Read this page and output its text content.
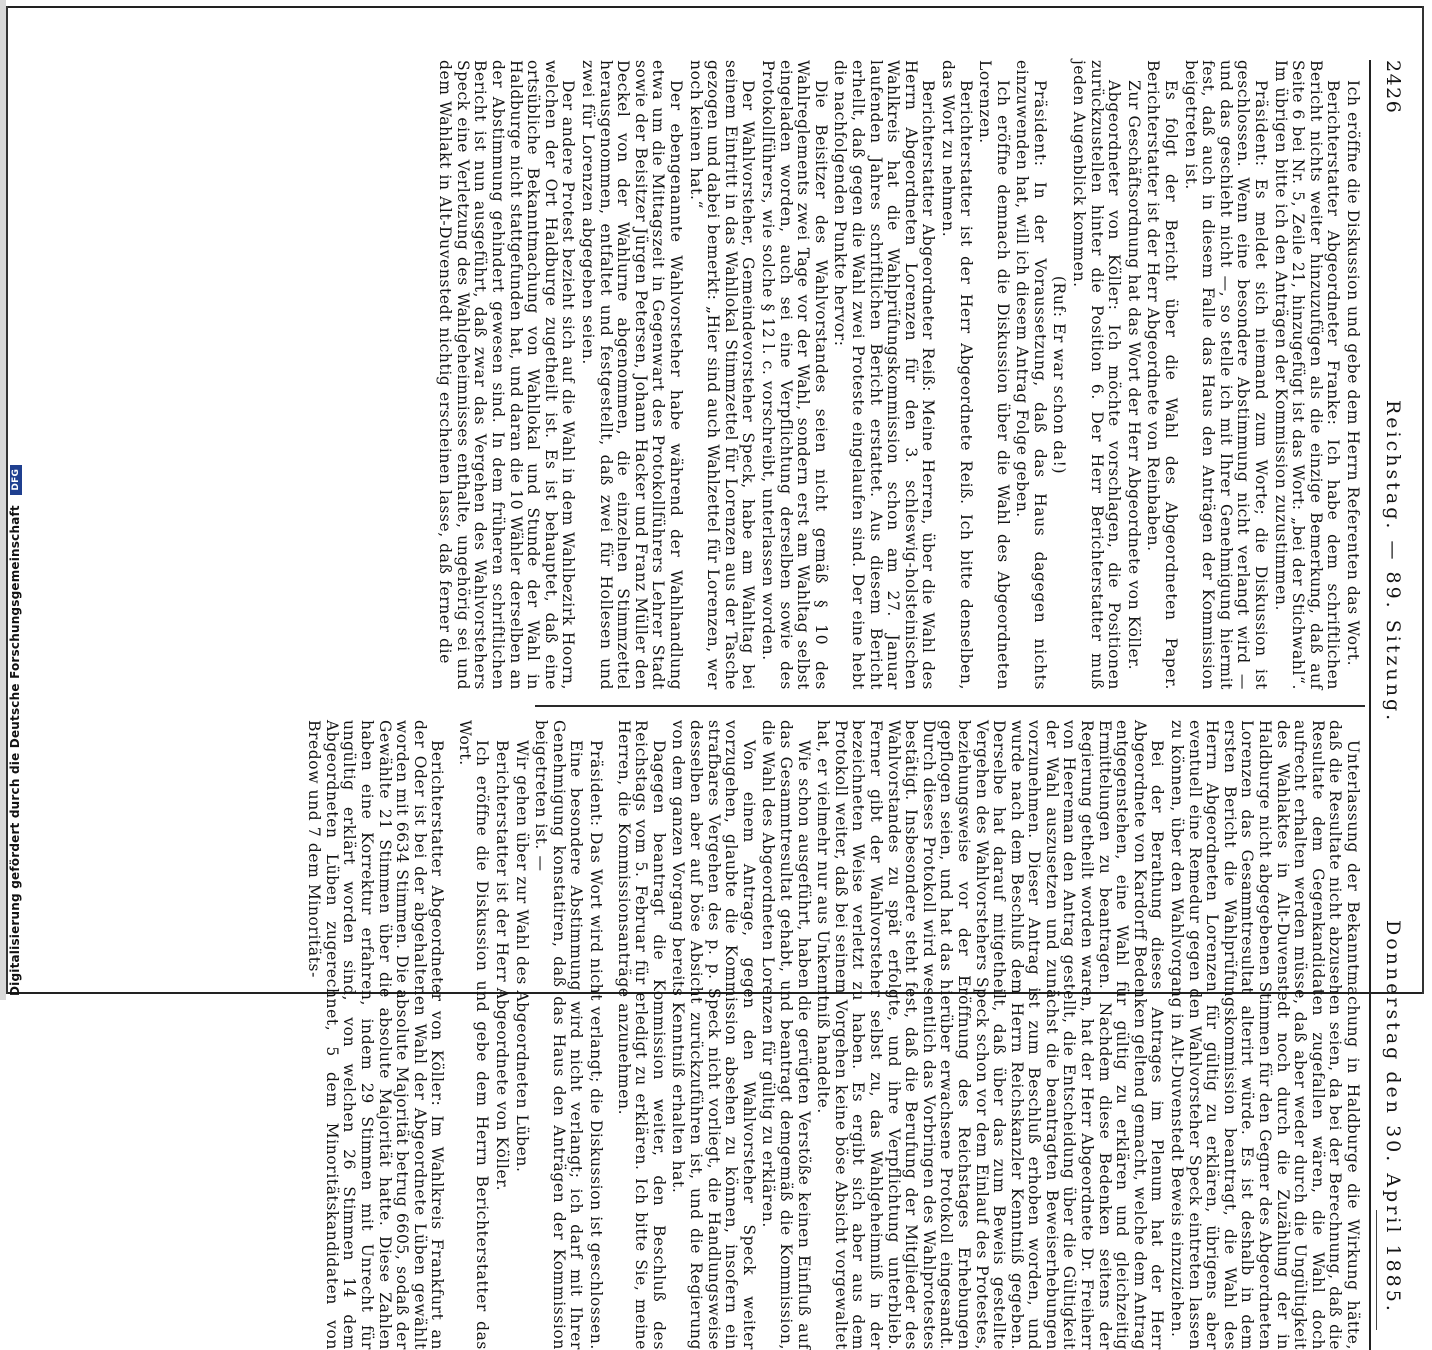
2426
Reichstag. — 89. Sitzung.
Donnerstag den 30. April 1885.

Ich eröffne die Diskussion und gebe dem Herrn Referenten das Wort.

Berichterstatter Abgeordneter Franke: Ich habe dem schriftlichen Bericht nichts weiter hinzuzufügen als die einzige Bemerkung, daß auf Seite 6 bei Nr. 5, Zeile 21, hinzugefügt ist das Wort: „bei der Stichwahl“. Im übrigen bitte ich den Anträgen der Kommission zuzustimmen.

Präsident: Es meldet sich niemand zum Worte; die Diskussion ist geschlossen. Wenn eine besondere Abstimmung nicht verlangt wird — und das geschieht nicht —, so stelle ich mit Ihrer Genehmigung hiermit fest, daß auch in diesem Falle das Haus den Anträgen der Kommission beigetreten ist.

Es folgt der Bericht über die Wahl des Abgeordneten Paper. Berichterstatter ist der Herr Abgeordnete von Reinbaben.

Zur Geschäftsordnung hat das Wort der Herr Abgeordnete von Köller.

Abgeordneter von Köller: Ich möchte vorschlagen, die Positionen zurückzustellen hinter die Position 6. Der Herr Berichterstatter muß jeden Augenblick kommen.

(Ruf: Er war schon da!)

Präsident: In der Voraussetzung, daß das Haus dagegen nichts einzuwenden hat, will ich diesem Antrag Folge geben.

Ich eröffne demnach die Diskussion über die Wahl des Abgeordneten Lorenzen.

Berichterstatter ist der Herr Abgeordnete Reiß. Ich bitte denselben, das Wort zu nehmen.

Berichterstatter Abgeordneter Reiß: Meine Herren, über die Wahl des Herrn Abgeordneten Lorenzen für den 3. schleswig-holsteinischen Wahlkreis hat die Wahlprüfungskommission schon am 27. Januar laufenden Jahres schriftlichen Bericht erstattet. Aus diesem Bericht erhellt, daß gegen die Wahl zwei Proteste eingelaufen sind. Der eine hebt die nachfolgenden Punkte hervor:

Die Beisitzer des Wahlvorstandes seien nicht gemäß § 10 des Wahlreglements zwei Tage vor der Wahl, sondern erst am Wahltag selbst eingeladen worden, auch sei eine Verpflichtung derselben sowie des Protokollführers, wie solche § 12 l. c. vorschreibt, unterlassen worden.

Der Wahlvorsteher, Gemeindevorsteher Speck, habe am Wahltag bei seinem Eintritt in das Wahllokal Stimmzettel für Lorenzen aus der Tasche gezogen und dabei bemerkt: „Hier sind auch Wahlzettel für Lorenzen, wer noch keinen hat.“

Der ebengenannte Wahlvorsteher habe während der Wahlhandlung etwa um die Mittagszeit in Gegenwart des Protokollführers Lehrer Stadt sowie der Beisitzer Jürgen Petersen, Johann Hacker und Franz Müller den Deckel von der Wahlurne abgenommen, die einzelnen Stimmzettel herausgenommen, entfaltet und festgestellt, daß zwei für Hollesen und zwei für Lorenzen abgegeben seien.

Der andere Protest bezieht sich auf die Wahl in dem Wahlbezirk Hoorn, welchen der Ort Haldburge zugetheilt ist. Es ist behauptet, daß eine ortsübliche Bekanntmachung von Wahllokal und Stunde der Wahl in Haldburge nicht stattgefunden hat, und daran die 10 Wähler derselben an der Abstimmung gehindert gewesen sind. In dem früheren schriftlichen Bericht ist nun ausgeführt, daß zwar das Vergehen des Wahlvorstehers Speck eine Verletzung des Wahlgeheimnisses enthalte, ungehörig sei und dem Wahlakt in Alt-Duvenstedt nichtig erscheinen lasse, daß ferner die

Unterlassung der Bekanntmachung in Haldburge die Wirkung hätte, daß die Resultate nicht abzusehen seien, da bei der Berechnung, daß die Resultate dem Gegenkandidaten zugefallen wären, die Wahl doch aufrecht erhalten werden müsse, daß aber weder durch die Ungültigkeit des Wahlaktes in Alt-Duvenstedt noch durch die Zuzählung der in Haldburge nicht abgegebenen Stimmen für den Gegner des Abgeordneten Lorenzen das Gesammtresultat alterirt würde. Es ist deshalb in dem ersten Bericht die Wahlprüfungskommission beantragt, die Wahl des Herrn Abgeordneten Lorenzen für gültig zu erklären, übrigens aber eventuell eine Remedur gegen den Wahlvorsteher Speck eintreten lassen zu können, über den Wahlvorgang in Alt-Duvenstedt Beweis einzuziehen.

Bei der Berathung dieses Antrages im Plenum hat der Herr Abgeordnete von Kardorff Bedenken geltend gemacht, welche dem Antrag entgegenstehen, eine Wahl für gültig zu erklären und gleichzeitig Ermittelungen zu beantragen. Nachdem diese Bedenken seitens der Regierung getheilt worden waren, hat der Herr Abgeordnete Dr. Freiherr von Heereman den Antrag gestellt, die Entscheidung über die Gültigkeit der Wahl auszusetzen und zunächst die beantragten Beweiserhebungen vorzunehmen. Dieser Antrag ist zum Beschluß erhoben worden, und wurde nach dem Beschluß dem Herrn Reichskanzler Kenntniß gegeben. Derselbe hat darauf mitgetheilt, daß über das zum Beweis gestellte Vergehen des Wahlvorstehers Speck schon vor dem Einlauf des Protestes, beziehungsweise vor der Eröffnung des Reichstages Erhebungen gepflogen seien, und hat das hierüber erwachsene Protokoll eingesandt. Durch dieses Protokoll wird wesentlich das Vorbringen des Wahlprotestes bestätigt. Insbesondere steht fest, daß die Berufung der Mitglieder des Wahlvorstandes zu spät erfolgte, und ihre Verpflichtung unterblieb. Ferner gibt der Wahlvorsteher selbst zu, das Wahlgeheimniß in der bezeichneten Weise verletzt zu haben. Es ergibt sich aber aus dem Protokoll weiter, daß bei seinem Vorgehen keine böse Absicht vorgewaltet hat, er vielmehr nur aus Unkenntniß handelte.

Wie schon ausgeführt, haben die gerügten Verstöße keinen Einfluß auf das Gesammtresultat gehabt, und beantragt demgemäß die Kommission, die Wahl des Abgeordneten Lorenzen für gültig zu erklären.

Von einem Antrage, gegen den Wahlvorsteher Speck weiter vorzugehen, glaubte die Kommission absehen zu können, insofern ein strafbares Vergehen des p. p. Speck nicht vorliegt, die Handlungsweise desselben aber auf böse Absicht zurückzuführen ist, und die Regierung von dem ganzen Vorgang bereits Kenntniß erhalten hat.

Dagegen beantragt die Kommission weiter, den Beschluß des Reichstags vom 5. Februar für erledigt zu erklären. Ich bitte Sie, meine Herren, die Kommissionsanträge anzunehmen.

Präsident: Das Wort wird nicht verlangt; die Diskussion ist geschlossen.

Eine besondere Abstimmung wird nicht verlangt; ich darf mit Ihrer Genehmigung konstatiren, daß das Haus den Anträgen der Kommission beigetreten ist. —

Wir gehen über zur Wahl des Abgeordneten Lüben.

Berichterstatter ist der Herr Abgeordnete von Köller.

Ich eröffne die Diskussion und gebe dem Herrn Berichterstatter das Wort.

Berichterstatter Abgeordneter von Köller: Im Wahlkreis Frankfurt an der Oder ist bei der abgehaltenen Wahl der Abgeordnete Lüben gewählt worden mit 6634 Stimmen. Die absolute Majorität betrug 6605, sodaß der Gewählte 21 Stimmen über die absolute Majorität hatte. Diese Zahlen haben eine Korrektur erfahren, indem 29 Stimmen mit Unrecht für ungültig erklärt worden sind, von welchen 26 Stimmen 14 dem Abgeordneten Lüben zugerechnet, 5 dem Minoritätskandidaten von Bredow und 7 dem Minoritäts-

Digitalisierung gefördert durch die Deutsche Forschungsgemeinschaft DFG
